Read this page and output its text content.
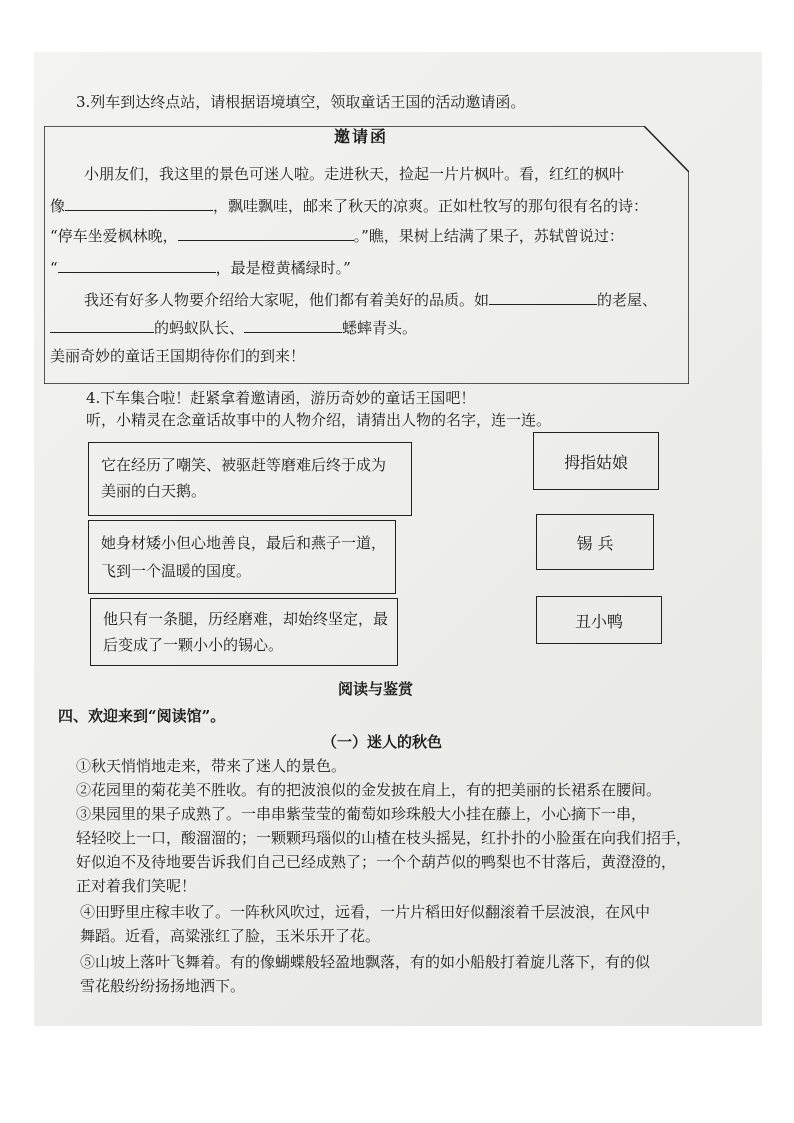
3.列车到达终点站，请根据语境填空，领取童话王国的活动邀请函。
邀请函
小朋友们，我这里的景色可迷人啦。走进秋天，捡起一片片枫叶。看，红红的枫叶
像	，飘哇飘哇，邮来了秋天的凉爽。正如杜牧写的那句很有名的诗：
“停车坐爱枫林晚，	。”瞧，果树上结满了果子，苏轼曾说过：
“	，最是橙黄橘绿时。”
我还有好多人物要介绍给大家呢，他们都有着美好的品质。如	的老屋、
的蚂蚁队长、	蟋蟀青头。
美丽奇妙的童话王国期待你们的到来！
4.下车集合啦！赶紧拿着邀请函，游历奇妙的童话王国吧！
听，小精灵在念童话故事中的人物介绍，请猜出人物的名字，连一连。
它在经历了嘲笑、被驱赶等磨难后终于成为
美丽的白天鹅。
她身材矮小但心地善良，最后和燕子一道，
飞到一个温暖的国度。
他只有一条腿，历经磨难，却始终坚定，最
后变成了一颗小小的锡心。
拇指姑娘
锡 兵
丑小鸭
阅读与鉴赏
四、欢迎来到“阅读馆”。
（一）迷人的秋色
①秋天悄悄地走来，带来了迷人的景色。
②花园里的菊花美不胜收。有的把波浪似的金发披在肩上，有的把美丽的长裙系在腰间。
③果园里的果子成熟了。一串串紫莹莹的葡萄如珍珠般大小挂在藤上，小心摘下一串，
轻轻咬上一口，酸溜溜的；一颗颗玛瑙似的山楂在枝头摇晃，红扑扑的小脸蛋在向我们招手，
好似迫不及待地要告诉我们自己已经成熟了；一个个葫芦似的鸭梨也不甘落后，黄澄澄的，
正对着我们笑呢！
④田野里庄稼丰收了。一阵秋风吹过，远看，一片片稻田好似翻滚着千层波浪，在风中
舞蹈。近看，高粱涨红了脸，玉米乐开了花。
⑤山坡上落叶飞舞着。有的像蝴蝶般轻盈地飘落，有的如小船般打着旋儿落下，有的似
雪花般纷纷扬扬地洒下。
